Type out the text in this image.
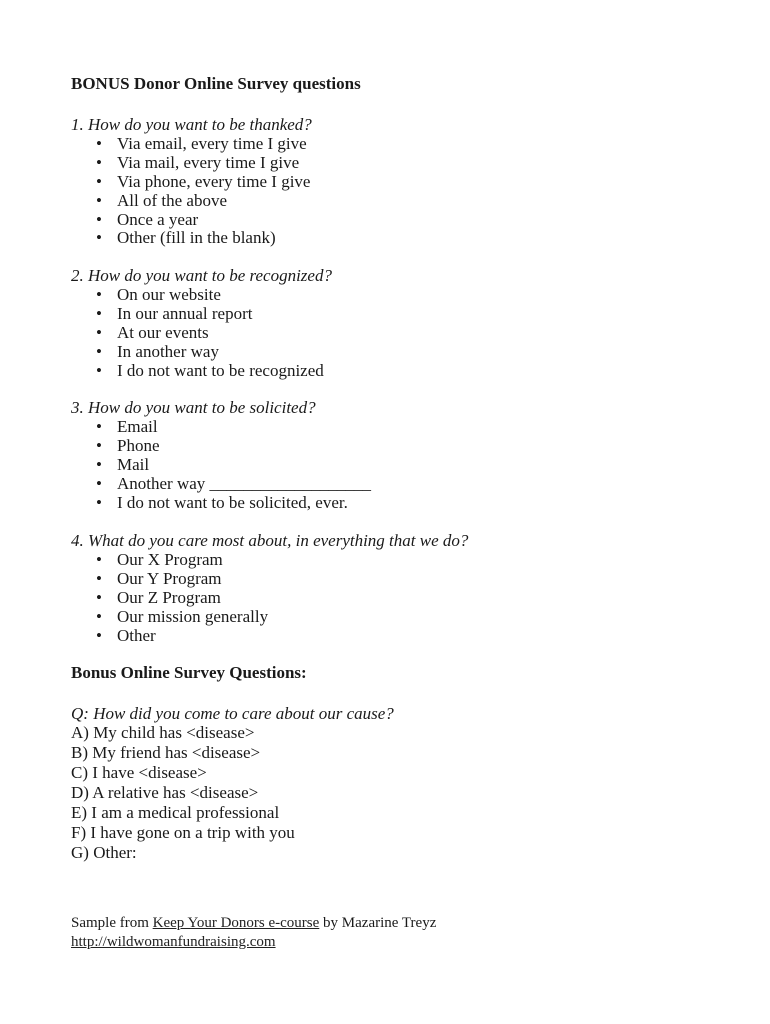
BONUS Donor Online Survey questions
1. How do you want to be thanked?
• Via email, every time I give
• Via mail, every time I give
• Via phone, every time I give
• All of the above
• Once a year
• Other (fill in the blank)
2. How do you want to be recognized?
• On our website
• In our annual report
• At our events
• In another way
• I do not want to be recognized
3. How do you want to be solicited?
• Email
• Phone
• Mail
• Another way ___________________
• I do not want to be solicited, ever.
4. What do you care most about, in everything that we do?
• Our X Program
• Our Y Program
• Our Z Program
• Our mission generally
• Other
Bonus Online Survey Questions:
Q: How did you come to care about our cause?
A) My child has <disease>
B) My friend has <disease>
C) I have <disease>
D) A relative has <disease>
E) I am a medical professional
F) I have gone on a trip with you
G) Other:
Sample from Keep Your Donors e-course by Mazarine Treyz
http://wildwomanfundraising.com
